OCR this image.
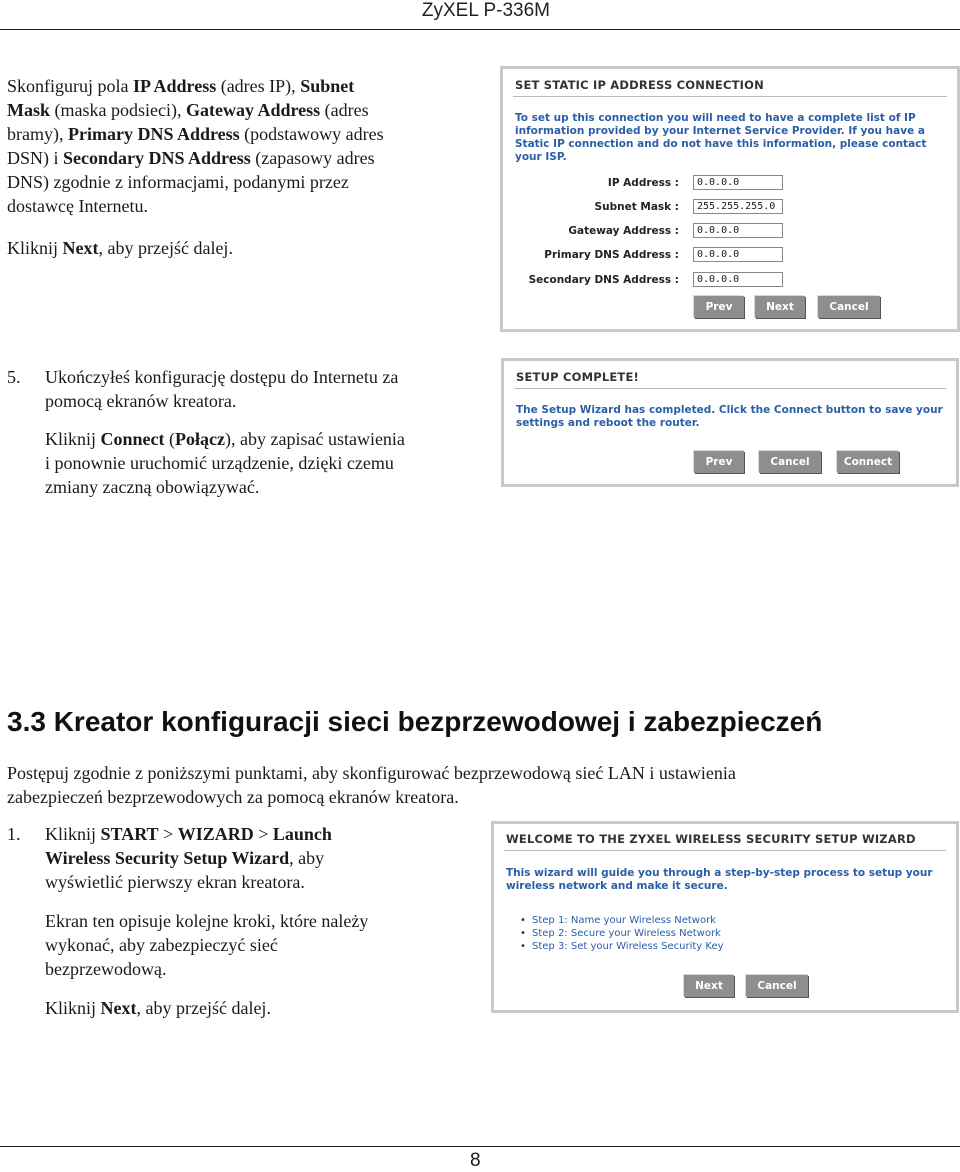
ZyXEL P-336M
Skonfiguruj pola IP Address (adres IP), Subnet
Mask (maska podsieci), Gateway Address (adres
bramy), Primary DNS Address (podstawowy adres
DSN) i Secondary DNS Address (zapasowy adres
DNS) zgodnie z informacjami, podanymi przez
dostawcę Internetu.
Kliknij Next, aby przejść dalej.
SET STATIC IP ADDRESS CONNECTION
To set up this connection you will need to have a complete list of IP information provided by your Internet Service Provider. If you have a Static IP connection and do not have this information, please contact your ISP.
IP Address :	0.0.0.0
Subnet Mask :	255.255.255.0
Gateway Address :	0.0.0.0
Primary DNS Address :	0.0.0.0
Secondary DNS Address :	0.0.0.0
Prev	Next	Cancel
5. Ukończyłeś konfigurację dostępu do Internetu za
pomocą ekranów kreatora.
Kliknij Connect (Połącz), aby zapisać ustawienia
i ponownie uruchomić urządzenie, dzięki czemu
zmiany zaczną obowiązywać.
SETUP COMPLETE!
The Setup Wizard has completed. Click the Connect button to save your settings and reboot the router.
Prev	Cancel	Connect
3.3 Kreator konfiguracji sieci bezprzewodowej i zabezpieczeń
Postępuj zgodnie z poniższymi punktami, aby skonfigurować bezprzewodową sieć LAN i ustawienia
zabezpieczeń bezprzewodowych za pomocą ekranów kreatora.
1. Kliknij START > WIZARD > Launch
Wireless Security Setup Wizard, aby
wyświetlić pierwszy ekran kreatora.
Ekran ten opisuje kolejne kroki, które należy
wykonać, aby zabezpieczyć sieć
bezprzewodową.
Kliknij Next, aby przejść dalej.
WELCOME TO THE ZYXEL WIRELESS SECURITY SETUP WIZARD
This wizard will guide you through a step-by-step process to setup your wireless network and make it secure.
• Step 1: Name your Wireless Network
• Step 2: Secure your Wireless Network
• Step 3: Set your Wireless Security Key
Next	Cancel
8
